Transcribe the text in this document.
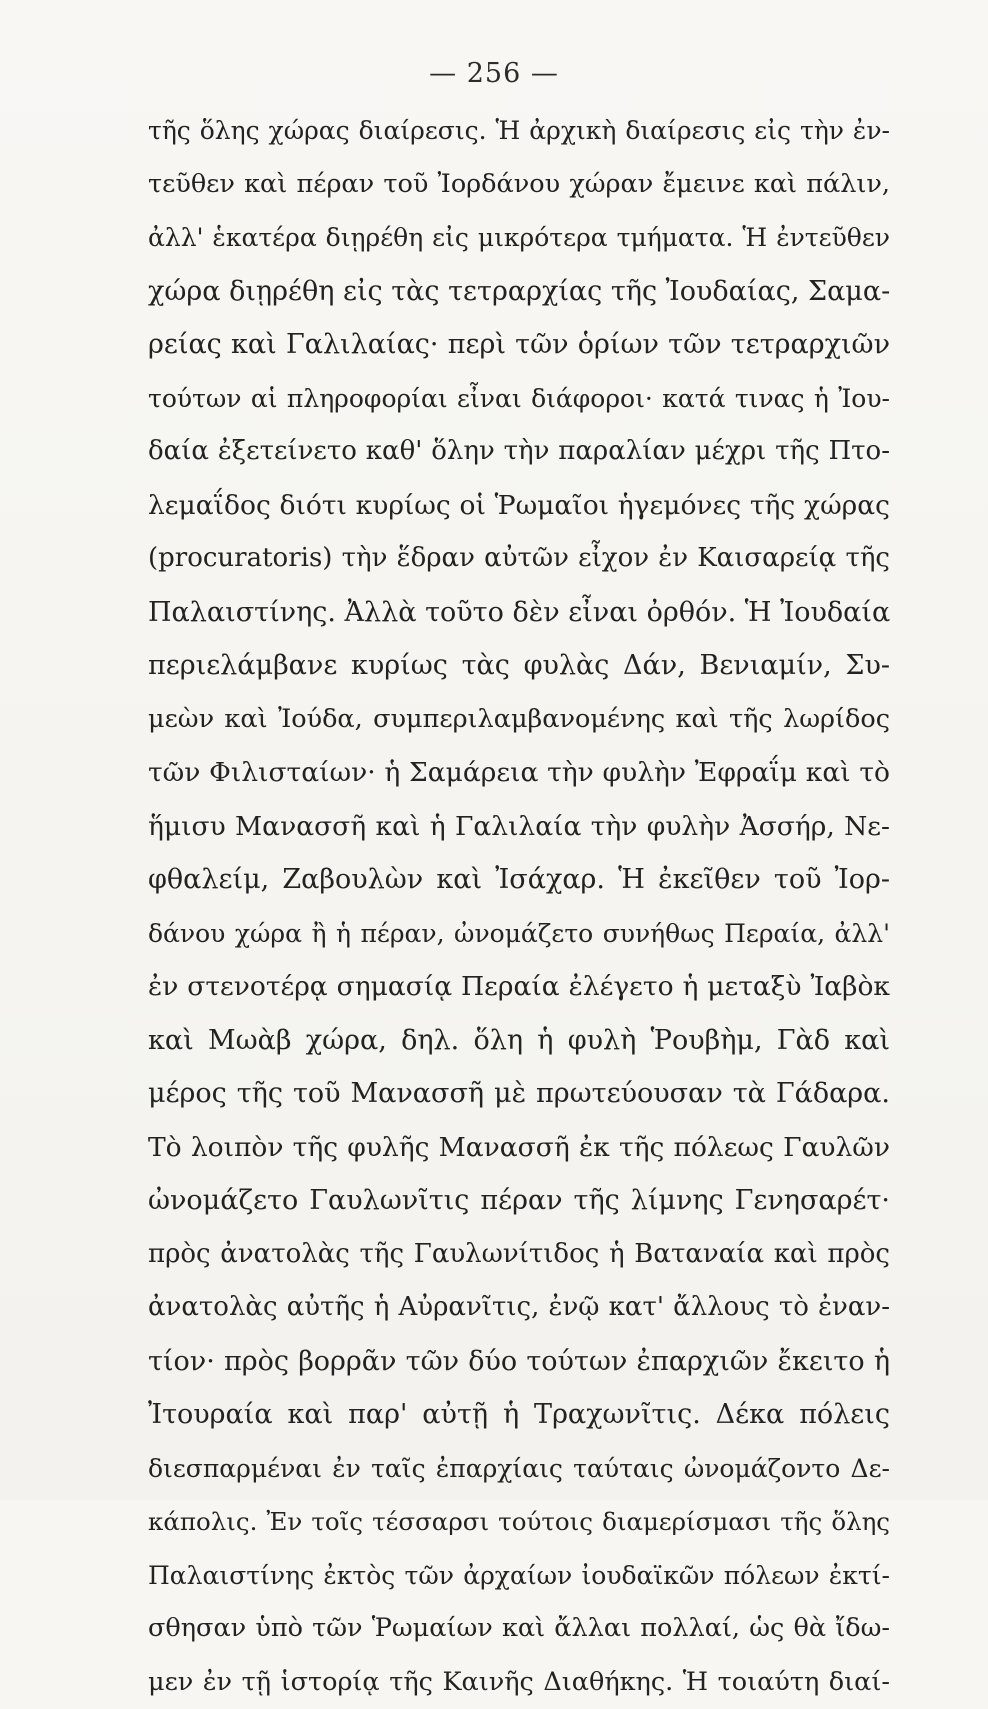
— 256 —
τῆς ὅλης χώρας διαίρεσις. Ἡ ἀρχικὴ διαίρεσις εἰς τὴν ἐν-
τεῦθεν καὶ πέραν τοῦ Ἰορδάνου χώραν ἔμεινε καὶ πάλιν,
ἀλλ' ἑκατέρα διῃρέθη εἰς μικρότερα τμήματα. Ἡ ἐντεῦθεν
χώρα διῃρέθη εἰς τὰς τετραρχίας τῆς Ἰουδαίας, Σαμα-
ρείας καὶ Γαλιλαίας· περὶ τῶν ὁρίων τῶν τετραρχιῶν
τούτων αἱ πληροφορίαι εἶναι διάφοροι· κατά τινας ἡ Ἰου-
δαία ἐξετείνετο καθ' ὅλην τὴν παραλίαν μέχρι τῆς Πτο-
λεμαΐδος διότι κυρίως οἱ Ῥωμαῖοι ἡγεμόνες τῆς χώρας
(procuratoris) τὴν ἕδραν αὐτῶν εἶχον ἐν Καισαρείᾳ τῆς
Παλαιστίνης. Ἀλλὰ τοῦτο δὲν εἶναι ὀρθόν. Ἡ Ἰουδαία
περιελάμβανε κυρίως τὰς φυλὰς Δάν, Βενιαμίν, Συ-
μεὼν καὶ Ἰούδα, συμπεριλαμβανομένης καὶ τῆς λωρίδος
τῶν Φιλισταίων· ἡ Σαμάρεια τὴν φυλὴν Ἐφραΐμ καὶ τὸ
ἥμισυ Μανασσῆ καὶ ἡ Γαλιλαία τὴν φυλὴν Ἀσσήρ, Νε-
φθαλείμ, Ζαβουλὼν καὶ Ἰσάχαρ. Ἡ ἐκεῖθεν τοῦ Ἰορ-
δάνου χώρα ἢ ἡ πέραν, ὠνομάζετο συνήθως Περαία, ἀλλ'
ἐν στενοτέρᾳ σημασίᾳ Περαία ἐλέγετο ἡ μεταξὺ Ἰαβὸκ
καὶ Μωὰβ χώρα, δηλ. ὅλη ἡ φυλὴ Ῥουβὴμ, Γὰδ καὶ
μέρος τῆς τοῦ Μανασσῆ μὲ πρωτεύουσαν τὰ Γάδαρα.
Τὸ λοιπὸν τῆς φυλῆς Μανασσῆ ἐκ τῆς πόλεως Γαυλῶν
ὠνομάζετο Γαυλωνῖτις πέραν τῆς λίμνης Γενησαρέτ·
πρὸς ἀνατολὰς τῆς Γαυλωνίτιδος ἡ Βαταναία καὶ πρὸς
ἀνατολὰς αὐτῆς ἡ Αὐρανῖτις, ἐνῷ κατ' ἄλλους τὸ ἐναν-
τίον· πρὸς βορρᾶν τῶν δύο τούτων ἐπαρχιῶν ἔκειτο ἡ
Ἰτουραία καὶ παρ' αὐτῇ ἡ Τραχωνῖτις. Δέκα πόλεις
διεσπαρμέναι ἐν ταῖς ἐπαρχίαις ταύταις ὠνομάζοντο Δε-
κάπολις. Ἐν τοῖς τέσσαρσι τούτοις διαμερίσμασι τῆς ὅλης
Παλαιστίνης ἐκτὸς τῶν ἀρχαίων ἰουδαϊκῶν πόλεων ἐκτί-
σθησαν ὑπὸ τῶν Ῥωμαίων καὶ ἄλλαι πολλαί, ὡς θὰ ἴδω-
μεν ἐν τῇ ἱστορίᾳ τῆς Καινῆς Διαθήκης. Ἡ τοιαύτη διαί-
